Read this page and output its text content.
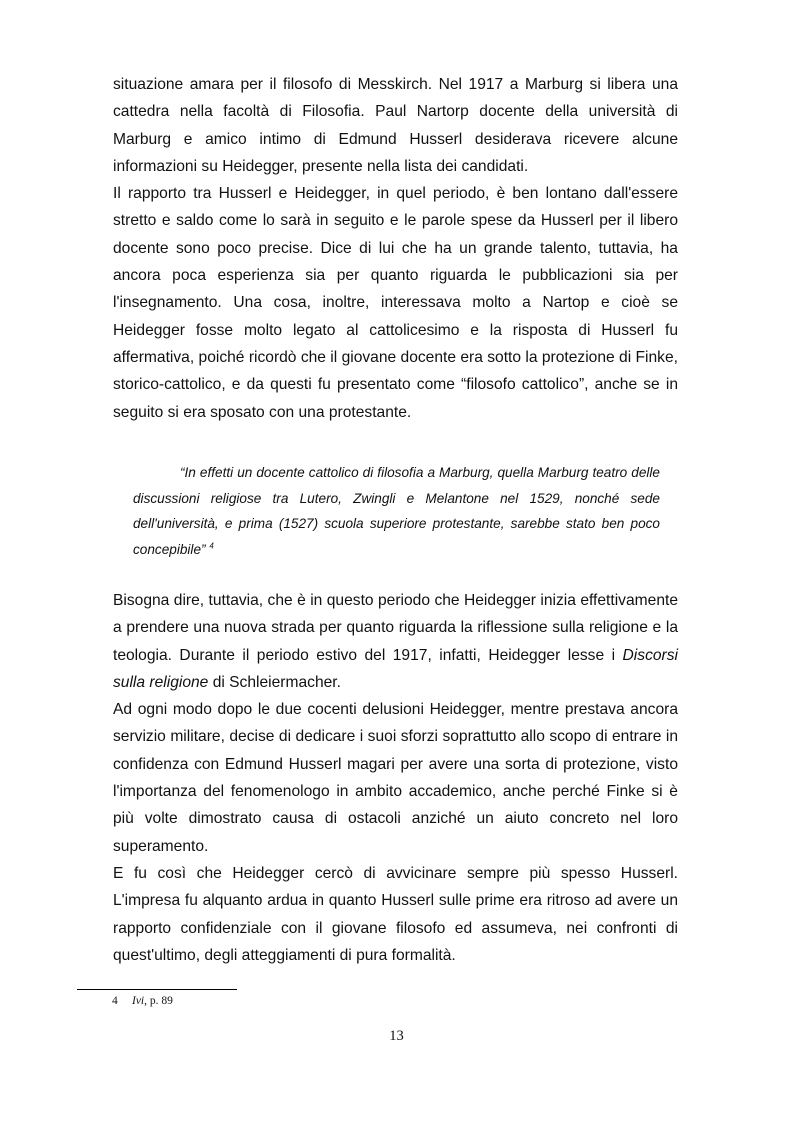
situazione amara per il filosofo di Messkirch. Nel 1917 a Marburg si libera una cattedra nella facoltà di Filosofia. Paul Nartorp docente della università di Marburg e amico intimo di Edmund Husserl desiderava ricevere alcune informazioni su Heidegger, presente nella lista dei candidati.

Il rapporto tra Husserl e Heidegger, in quel periodo, è ben lontano dall'essere stretto e saldo come lo sarà in seguito e le parole spese da Husserl per il libero docente sono poco precise. Dice di lui che ha un grande talento, tuttavia, ha ancora poca esperienza sia per quanto riguarda le pubblicazioni sia per l'insegnamento. Una cosa, inoltre, interessava molto a Nartop e cioè se Heidegger fosse molto legato al cattolicesimo e la risposta di Husserl fu affermativa, poiché ricordò che il giovane docente era sotto la protezione di Finke, storico-cattolico, e da questi fu presentato come “filosofo cattolico”, anche se in seguito si era sposato con una protestante.

“In effetti un docente cattolico di filosofia a Marburg, quella Marburg teatro delle discussioni religiose tra Lutero, Zwingli e Melantone nel 1529, nonché sede dell'università, e prima (1527) scuola superiore protestante, sarebbe stato ben poco concepibile” $^4$

Bisogna dire, tuttavia, che è in questo periodo che Heidegger inizia effettivamente a prendere una nuova strada per quanto riguarda la riflessione sulla religione e la teologia. Durante il periodo estivo del 1917, infatti, Heidegger lesse i Discorsi sulla religione di Schleiermacher.

Ad ogni modo dopo le due cocenti delusioni Heidegger, mentre prestava ancora servizio militare, decise di dedicare i suoi sforzi soprattutto allo scopo di entrare in confidenza con Edmund Husserl magari per avere una sorta di protezione, visto l'importanza del fenomenologo in ambito accademico, anche perché Finke si è più volte dimostrato causa di ostacoli anziché un aiuto concreto nel loro superamento.

E fu così che Heidegger cercò di avvicinare sempre più spesso Husserl. L'impresa fu alquanto ardua in quanto Husserl sulle prime era ritroso ad avere un rapporto confidenziale con il giovane filosofo ed assumeva, nei confronti di quest'ultimo, degli atteggiamenti di pura formalità.

4 Ivi, p. 89
13
